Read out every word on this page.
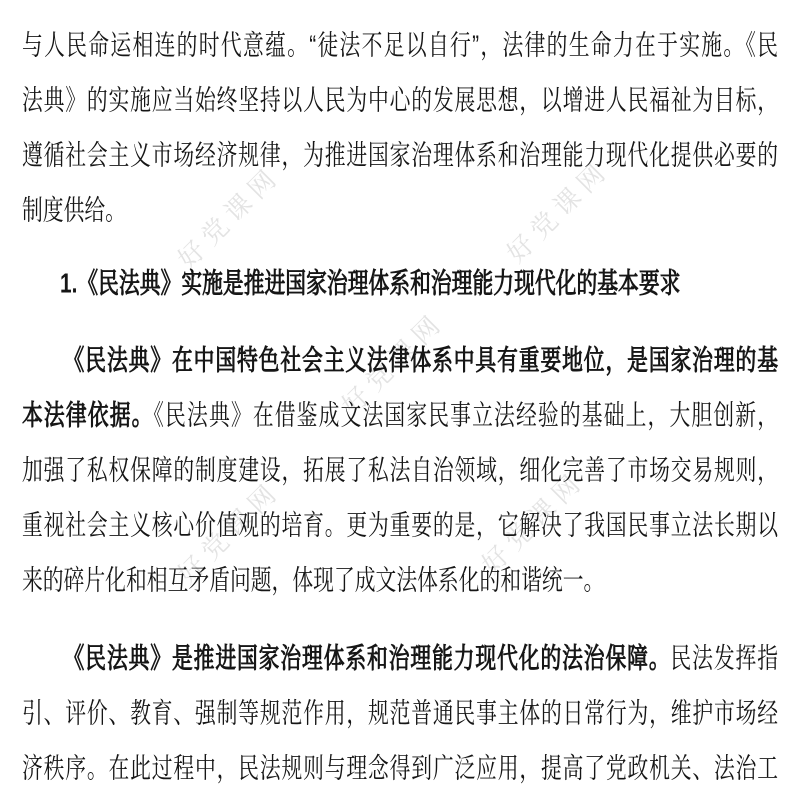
好党课网	好党课网
好党课网
好党课网	好党课网
与人民命运相连的时代意蕴。“徒法不足以自行”，法律的生命力在于实施。《民
法典》的实施应当始终坚持以人民为中心的发展思想，以增进人民福祉为目标，
遵循社会主义市场经济规律，为推进国家治理体系和治理能力现代化提供必要的
制度供给。
1.《民法典》实施是推进国家治理体系和治理能力现代化的基本要求
《民法典》在中国特色社会主义法律体系中具有重要地位，是国家治理的基
本法律依据。《民法典》在借鉴成文法国家民事立法经验的基础上，大胆创新，
加强了私权保障的制度建设，拓展了私法自治领域，细化完善了市场交易规则，
重视社会主义核心价值观的培育。更为重要的是，它解决了我国民事立法长期以
来的碎片化和相互矛盾问题，体现了成文法体系化的和谐统一。
《民法典》是推进国家治理体系和治理能力现代化的法治保障。民法发挥指
引、评价、教育、强制等规范作用，规范普通民事主体的日常行为，维护市场经
济秩序。在此过程中，民法规则与理念得到广泛应用，提高了党政机关、法治工
